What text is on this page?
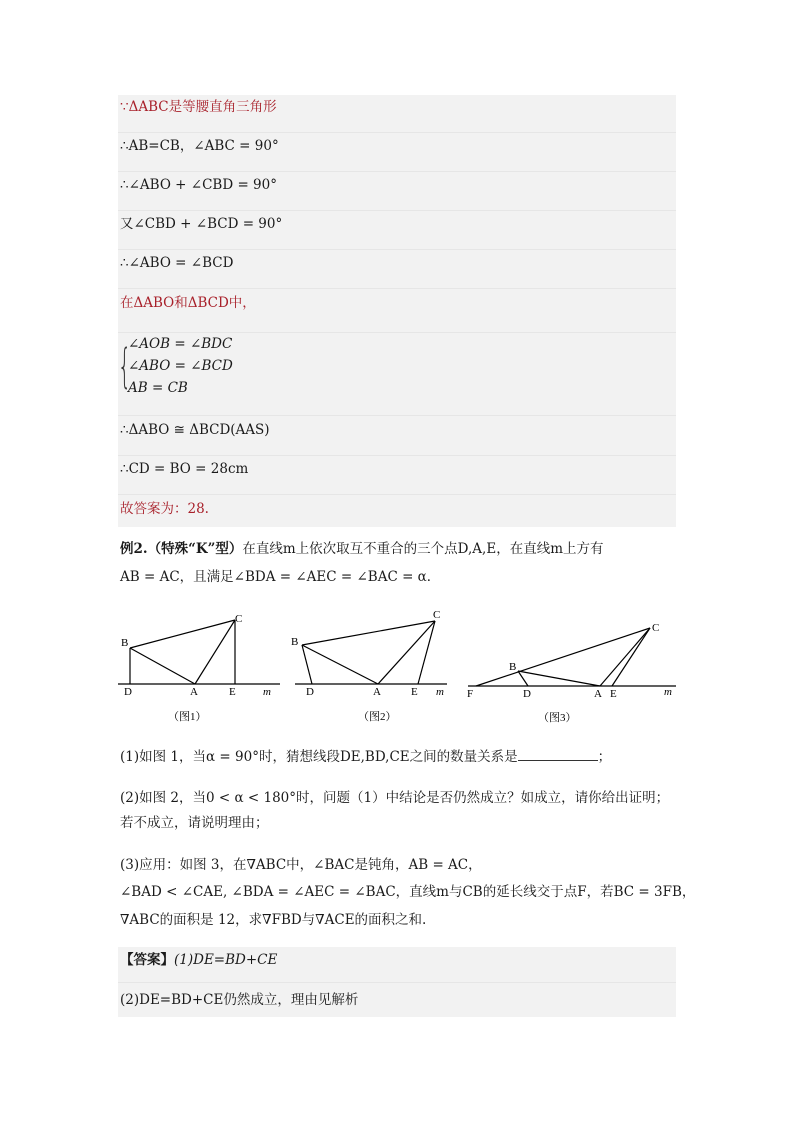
∵ΔABC是等腰直角三角形
∴AB=CB，∠ABC = 90°
∴∠ABO + ∠CBD = 90°
又∠CBD + ∠BCD = 90°
∴∠ABO = ∠BCD
在ΔABO和ΔBCD中，
{
∠AOB = ∠BDC
∠ABO = ∠BCD
AB = CB
∴ΔABO ≅ ΔBCD(AAS)
∴CD = BO = 28cm
故答案为：28.
例2.（特殊“K”型）在直线m上依次取互不重合的三个点D,A,E，在直线m上方有
AB = AC，且满足∠BDA = ∠AEC = ∠BAC = α．
B
C
D	A	E m
（图1）
B
C
D	A	E m
（图2）
B
C
D	A E
F	m
（图3）
(1)如图 1，当α = 90°时，猜想线段DE,BD,CE之间的数量关系是	；
(2)如图 2，当0 < α < 180°时，问题（1）中结论是否仍然成立？如成立，请你给出证明；
若不成立，请说明理由；
(3)应用：如图 3，在∇ABC中，∠BAC是钝角，AB = AC，
∠BAD < ∠CAE, ∠BDA = ∠AEC = ∠BAC，直线m与CB的延长线交于点F，若BC = 3FB，
∇ABC的面积是 12，求∇FBD与∇ACE的面积之和.
【答案】(1)DE=BD+CE
(2)DE=BD+CE仍然成立，理由见解析
